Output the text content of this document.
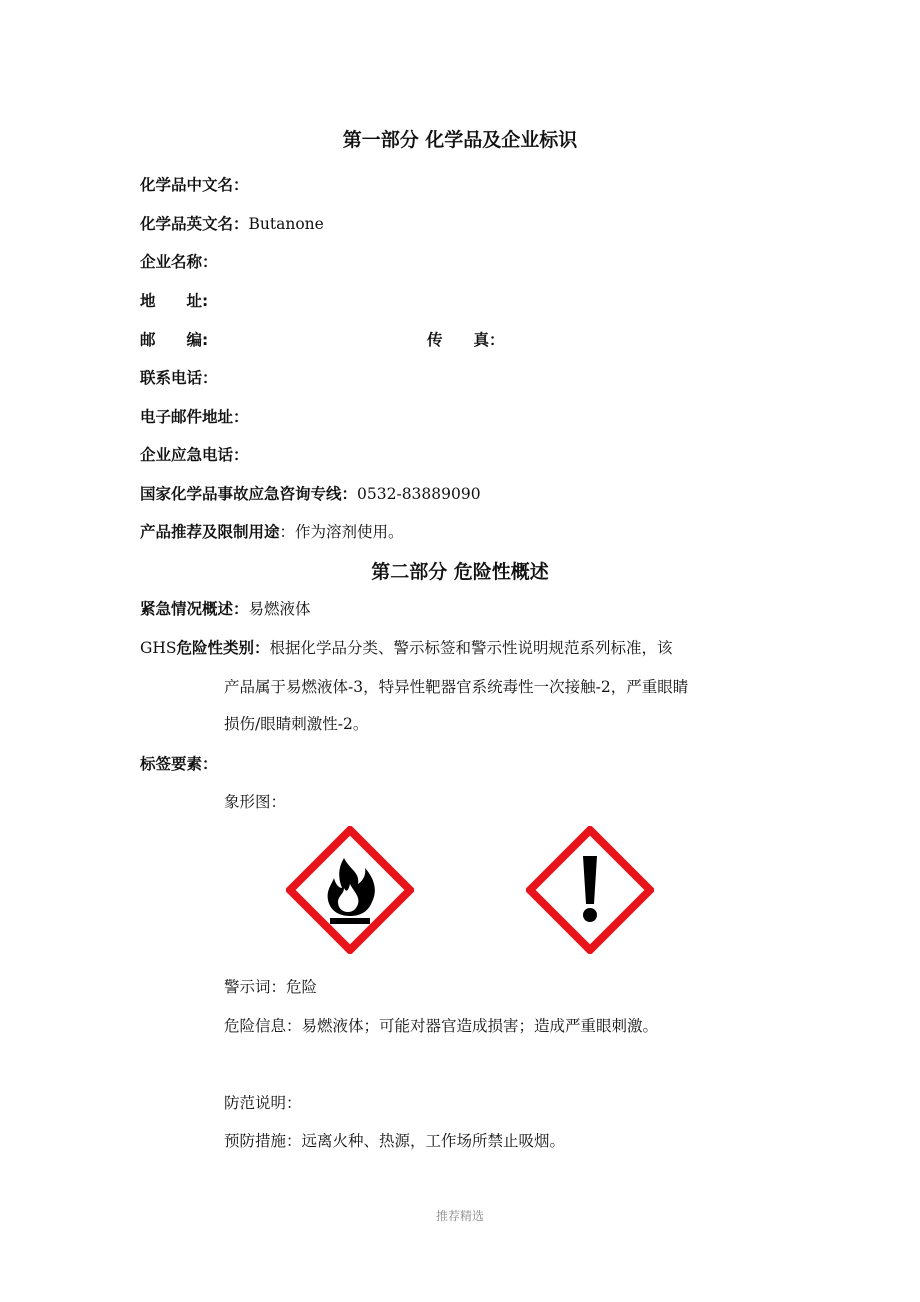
第一部分 化学品及企业标识
化学品中文名：
化学品英文名：Butanone
企业名称：
地　　址:
邮　　编:	传　　真：
联系电话：
电子邮件地址：
企业应急电话：
国家化学品事故应急咨询专线：0532-83889090
产品推荐及限制用途：作为溶剂使用。
第二部分 危险性概述
紧急情况概述：易燃液体
GHS危险性类别：根据化学品分类、警示标签和警示性说明规范系列标准，该
产品属于易燃液体-3，特异性靶器官系统毒性一次接触-2，严重眼睛
损伤/眼睛刺激性-2。
标签要素：
象形图：
警示词：危险
危险信息：易燃液体；可能对器官造成损害；造成严重眼刺激。
防范说明：
预防措施：远离火种、热源，工作场所禁止吸烟。
推荐精选
